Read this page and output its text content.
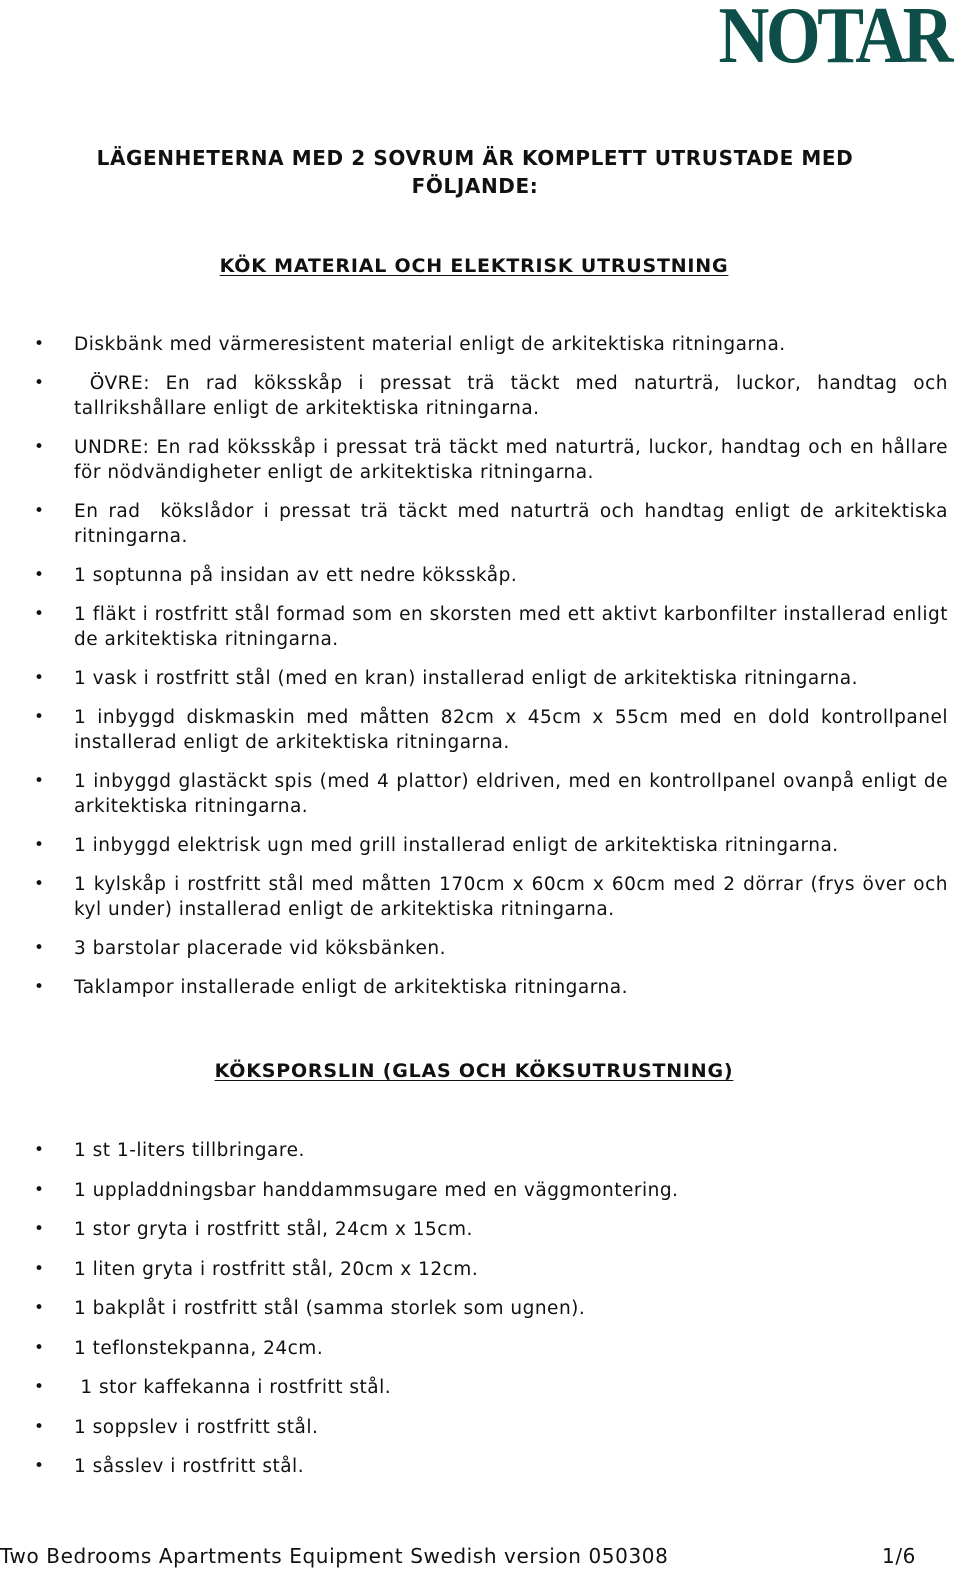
NOTAR
LÄGENHETERNA MED 2 SOVRUM ÄR KOMPLETT UTRUSTADE MED FÖLJANDE:
KÖK MATERIAL OCH ELEKTRISK UTRUSTNING
• Diskbänk med värmeresistent material enligt de arkitektiska ritningarna.
•  ÖVRE: En rad köksskåp i pressat trä täckt med naturträ, luckor, handtag och tallrikshållare enligt de arkitektiska ritningarna.
• UNDRE: En rad köksskåp i pressat trä täckt med naturträ, luckor, handtag och en hållare för nödvändigheter enligt de arkitektiska ritningarna.
• En rad  kökslådor i pressat trä täckt med naturträ och handtag enligt de arkitektiska ritningarna.
• 1 soptunna på insidan av ett nedre köksskåp.
• 1 fläkt i rostfritt stål formad som en skorsten med ett aktivt karbonfilter installerad enligt de arkitektiska ritningarna.
• 1 vask i rostfritt stål (med en kran) installerad enligt de arkitektiska ritningarna.
• 1 inbyggd diskmaskin med måtten 82cm x 45cm x 55cm med en dold kontrollpanel installerad enligt de arkitektiska ritningarna.
• 1 inbyggd glastäckt spis (med 4 plattor) eldriven, med en kontrollpanel ovanpå enligt de arkitektiska ritningarna.
• 1 inbyggd elektrisk ugn med grill installerad enligt de arkitektiska ritningarna.
• 1 kylskåp i rostfritt stål med måtten 170cm x 60cm x 60cm med 2 dörrar (frys över och kyl under) installerad enligt de arkitektiska ritningarna.
• 3 barstolar placerade vid köksbänken.
• Taklampor installerade enligt de arkitektiska ritningarna.
KÖKSPORSLIN (GLAS OCH KÖKSUTRUSTNING)
• 1 st 1-liters tillbringare.
• 1 uppladdningsbar handdammsugare med en väggmontering.
• 1 stor gryta i rostfritt stål, 24cm x 15cm.
• 1 liten gryta i rostfritt stål, 20cm x 12cm.
• 1 bakplåt i rostfritt stål (samma storlek som ugnen).
• 1 teflonstekpanna, 24cm.
•  1 stor kaffekanna i rostfritt stål.
• 1 soppslev i rostfritt stål.
• 1 såsslev i rostfritt stål.
Two Bedrooms Apartments Equipment Swedish version 050308	1/6
